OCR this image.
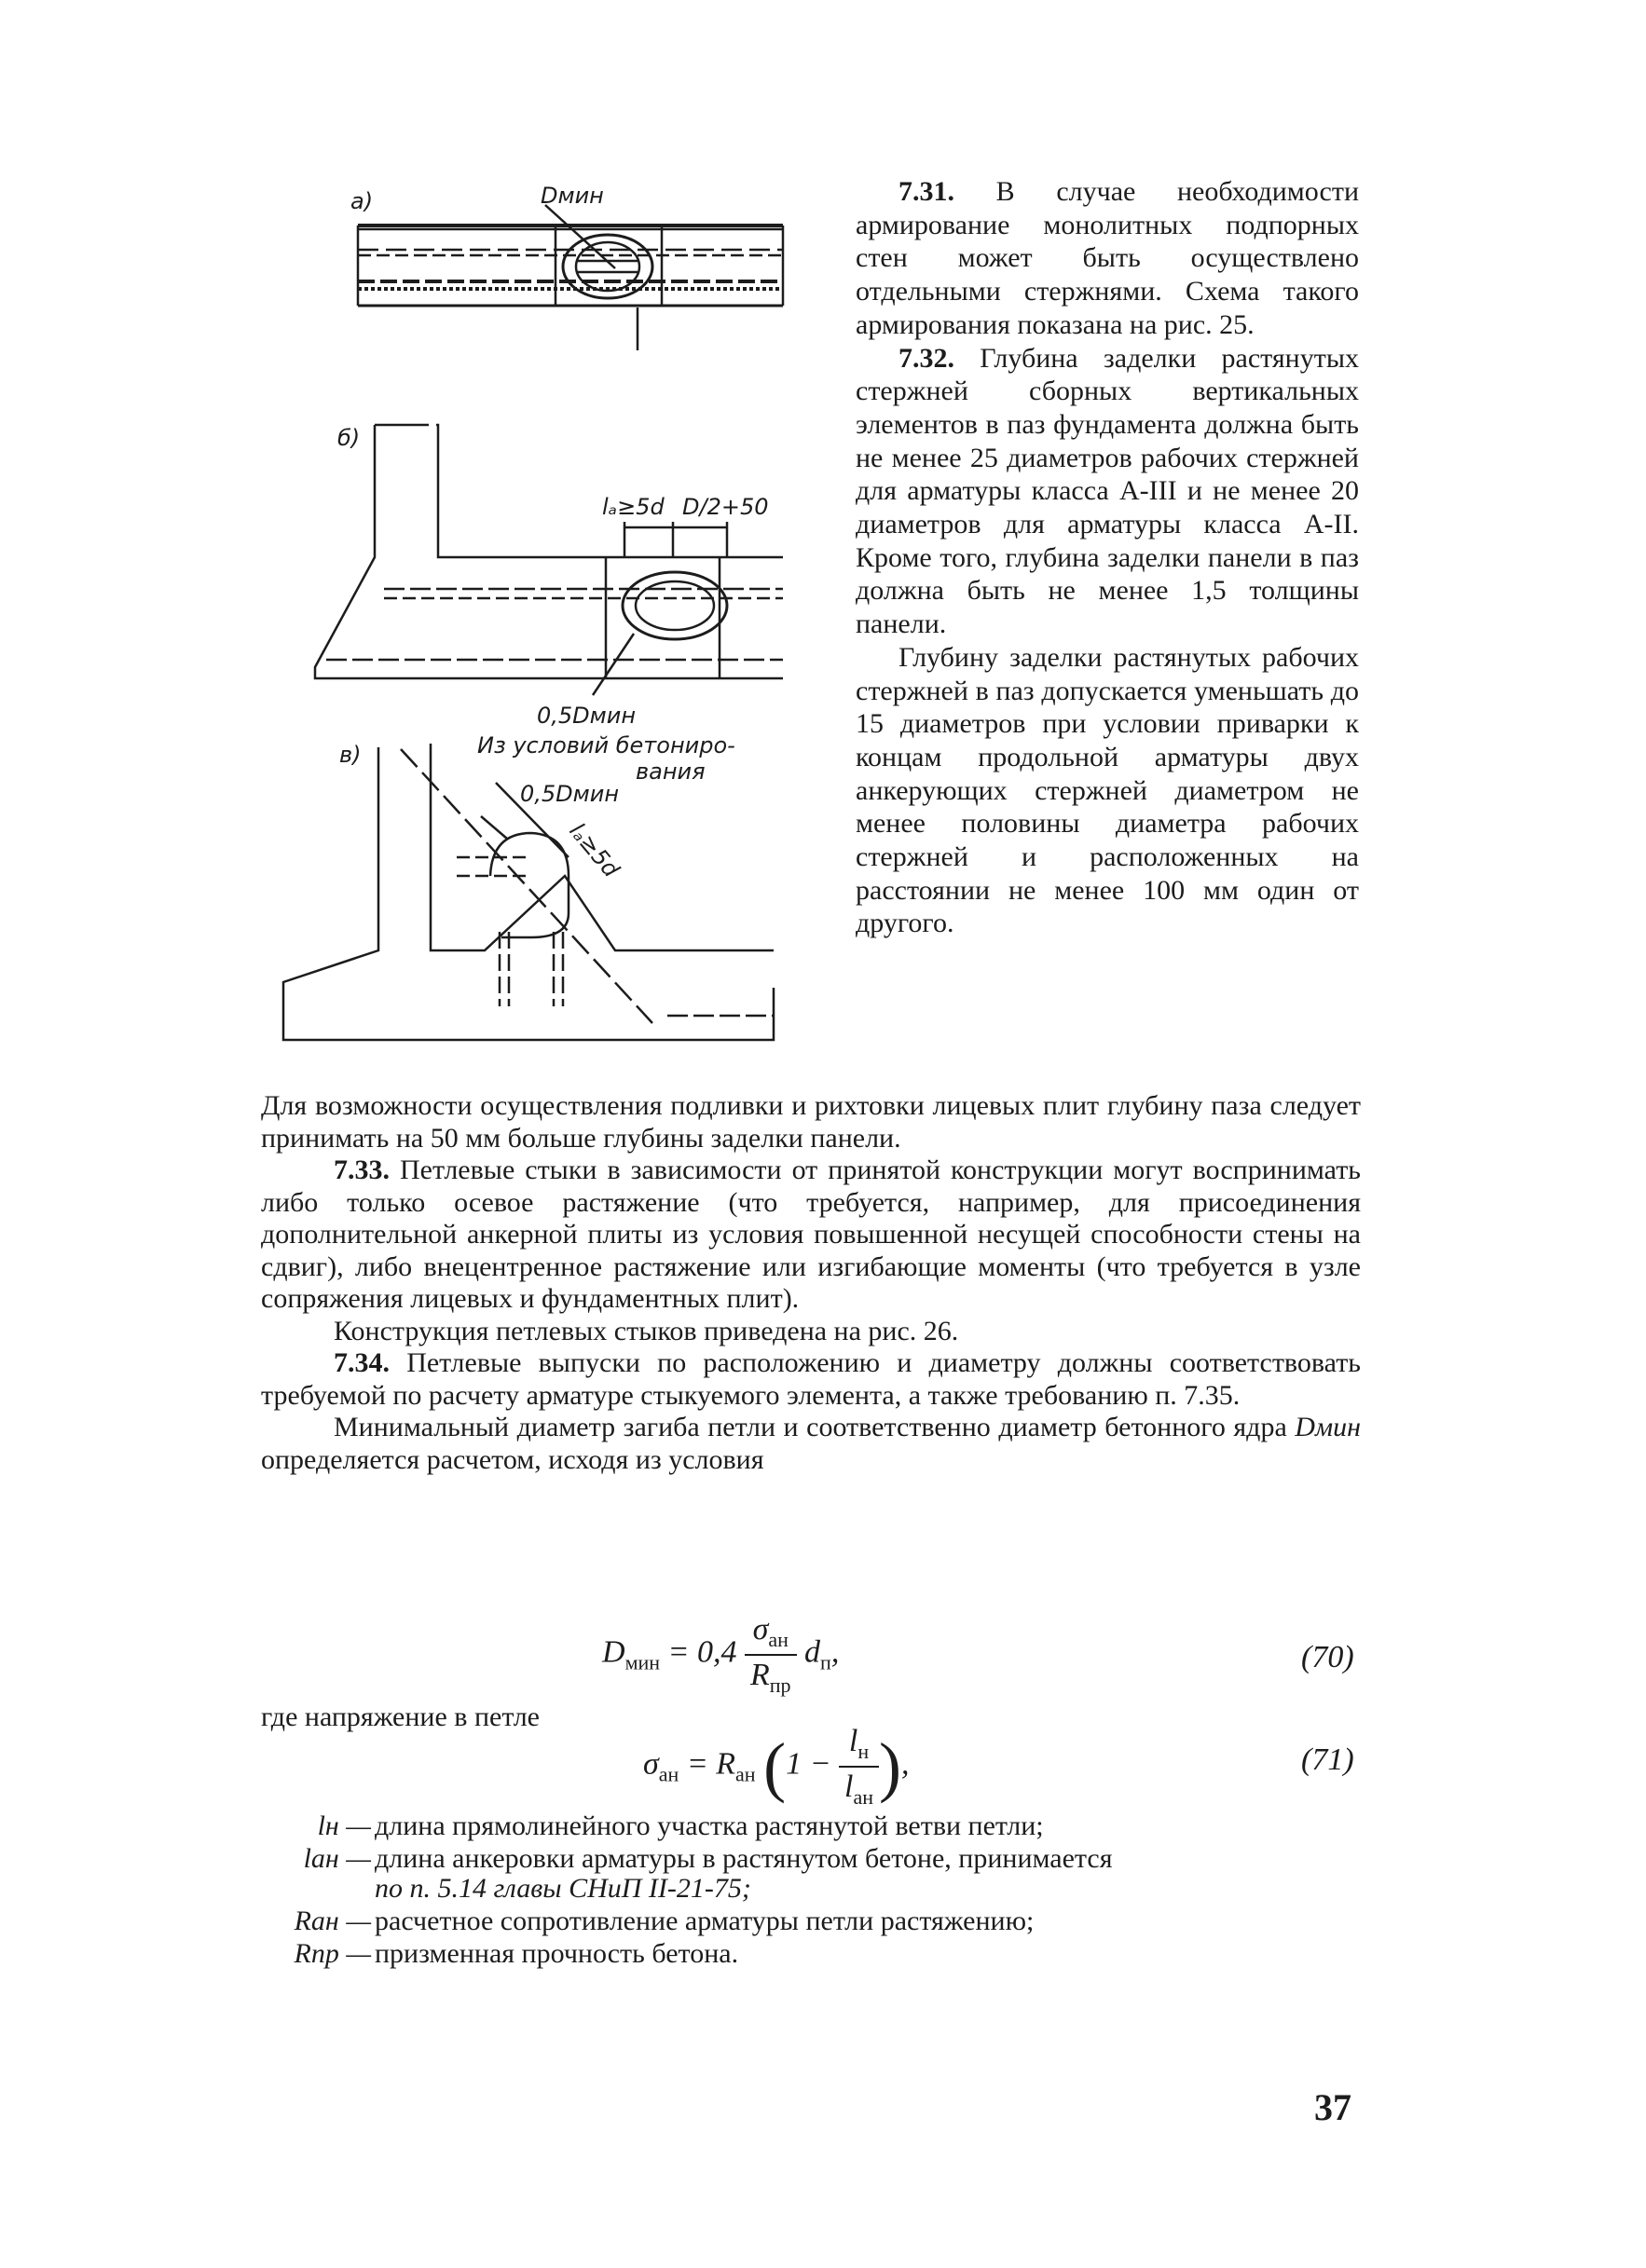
а)	Dмин
б)
lₐ≥5d D/2+50
0,5Dмин
в)	Из условий бетониро-
вания
0,5Dмин
lₐ≥5d

7.31. В случае необходимости армирование монолитных подпорных стен может быть осуществлено отдельными стержнями. Схема такого армирования показана на рис. 25.

7.32. Глубина заделки растянутых стержней сборных вертикальных элементов в паз фундамента должна быть не менее 25 диаметров рабочих стержней для арматуры класса А-III и не менее 20 диаметров для арматуры класса А-II. Кроме того, глубина заделки панели в паз должна быть не менее 1,5 толщины панели.

Глубину заделки растянутых рабочих стержней в паз допускается уменьшать до 15 диаметров при условии приварки к концам продольной арматуры двух анкерующих стержней диаметром не менее половины диаметра рабочих стержней и расположенных на расстоянии не менее 100 мм один от другого.

Для возможности осуществления подливки и рихтовки лицевых плит глубину паза следует принимать на 50 мм больше глубины заделки панели.

7.33. Петлевые стыки в зависимости от принятой конструкции могут воспринимать либо только осевое растяжение (что требуется, например, для присоединения дополнительной анкерной плиты из условия повышенной несущей способности стены на сдвиг), либо внецентренное растяжение или изгибающие моменты (что требуется в узле сопряжения лицевых и фундаментных плит).

Конструкция петлевых стыков приведена на рис. 26.

7.34. Петлевые выпуски по расположению и диаметру должны соответствовать требуемой по расчету арматуре стыкуемого элемента, а также требованию п. 7.35.

Минимальный диаметр загиба петли и соответственно диаметр бетонного ядра Dмин определяется расчетом, исходя из условия

$D_{мин} = 0,4 \frac{\sigma_{ан}}{R_{пр}} d_п$,	(70)

где напряжение в петле

$\sigma_{ан} = R_{ан}$ ($1 - \frac{l_н}{l_{ан}}$ ),	(71)
lн — длина прямолинейного участка растянутой ветви петли;
lан — длина анкеровки арматуры в растянутом бетоне, принимается
по п. 5.14 главы СНиП II-21-75;
Rан — расчетное сопротивление арматуры петли растяжению;
Rпр — призменная прочность бетона.
37
